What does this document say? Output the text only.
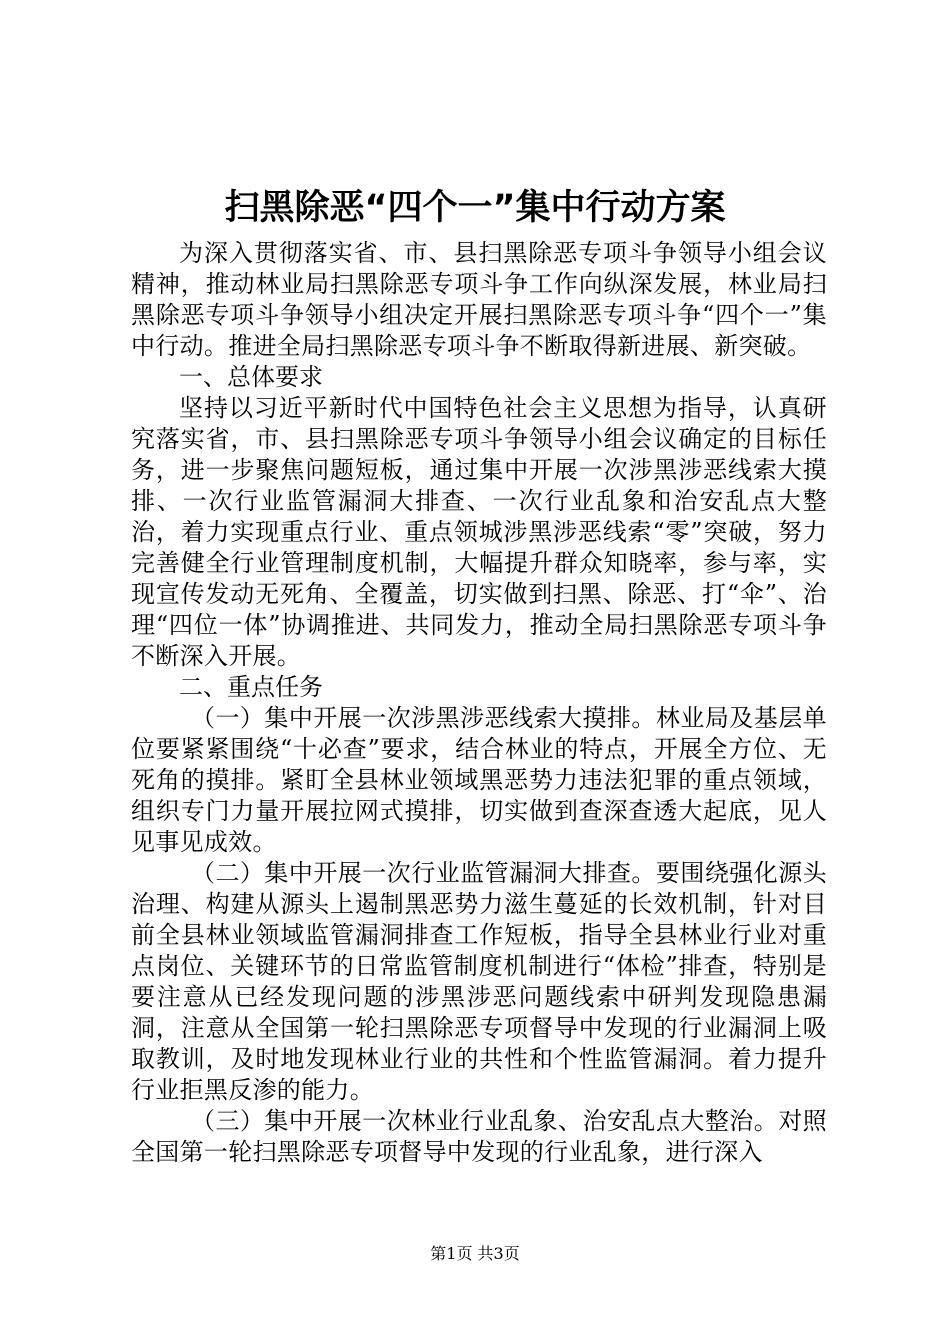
扫黑除恶“四个一”集中行动方案

为深入贯彻落实省、市、县扫黑除恶专项斗争领导小组会议精神，推动林业局扫黑除恶专项斗争工作向纵深发展，林业局扫黑除恶专项斗争领导小组决定开展扫黑除恶专项斗争“四个一”集中行动。推进全局扫黑除恶专项斗争不断取得新进展、新突破。

一、总体要求

坚持以习近平新时代中国特色社会主义思想为指导，认真研究落实省，市、县扫黑除恶专项斗争领导小组会议确定的目标任务，进一步聚焦问题短板，通过集中开展一次涉黑涉恶线索大摸排、一次行业监管漏洞大排查、一次行业乱象和治安乱点大整治，着力实现重点行业、重点领城涉黑涉恶线索“零”突破，努力完善健全行业管理制度机制，大幅提升群众知晓率，参与率，实现宣传发动无死角、全覆盖，切实做到扫黑、除恶、打“伞”、治理“四位一体”协调推进、共同发力，推动全局扫黑除恶专项斗争不断深入开展。

二、重点任务

（一）集中开展一次涉黑涉恶线索大摸排。林业局及基层单位要紧紧围绕“十必查”要求，结合林业的特点，开展全方位、无死角的摸排。紧盯全县林业领域黑恶势力违法犯罪的重点领域，组织专门力量开展拉网式摸排，切实做到查深查透大起底，见人见事见成效。

（二）集中开展一次行业监管漏洞大排查。要围绕强化源头治理、构建从源头上遏制黑恶势力滋生蔓延的长效机制，针对目前全县林业领域监管漏洞排查工作短板，指导全县林业行业对重点岗位、关键环节的日常监管制度机制进行“体检”排查，特别是要注意从已经发现问题的涉黑涉恶问题线索中研判发现隐患漏洞，注意从全国第一轮扫黑除恶专项督导中发现的行业漏洞上吸取教训，及时地发现林业行业的共性和个性监管漏洞。着力提升行业拒黑反渗的能力。

（三）集中开展一次林业行业乱象、治安乱点大整治。对照全国第一轮扫黑除恶专项督导中发现的行业乱象，进行深入

第1页 共3页
